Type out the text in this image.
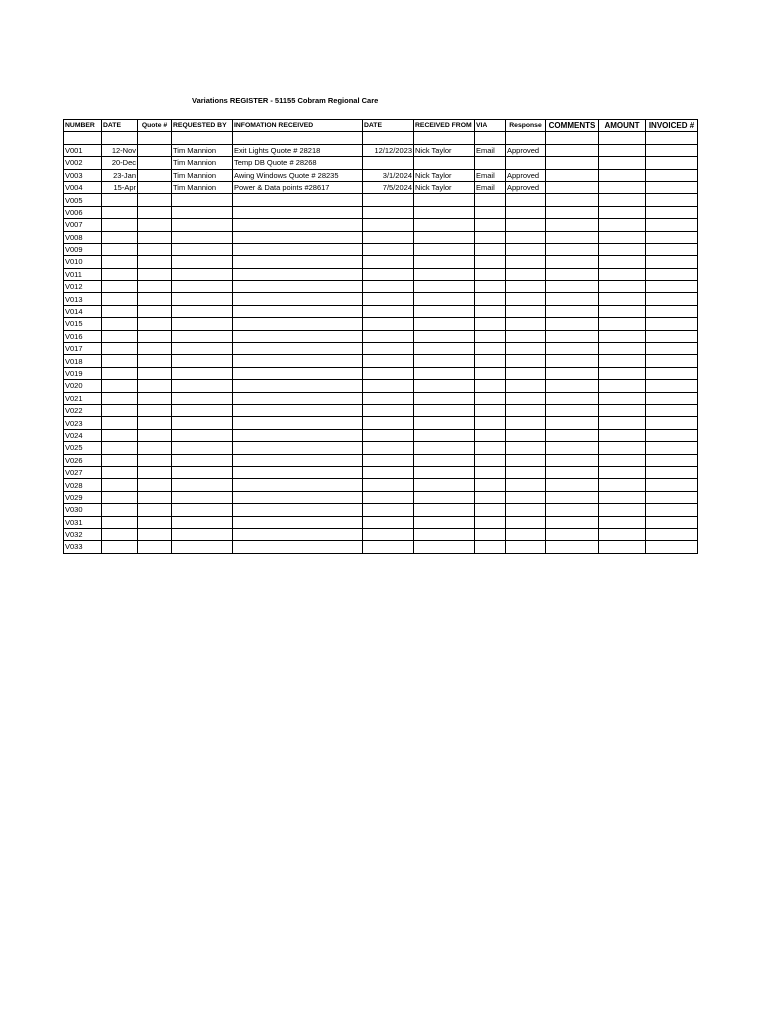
Variations REGISTER - 51155 Cobram Regional Care
NUMBER	DATE	Quote #	REQUESTED BY	INFOMATION RECEIVED	DATE	RECEIVED FROM	VIA	Response	COMMENTS	AMOUNT	INVOICED #

V001	12-Nov		Tim Mannion	Exit Lights Quote # 28218	12/12/2023	Nick Taylor	Email	Approved			
V002	20-Dec		Tim Mannion	Temp DB Quote # 28268							
V003	23-Jan		Tim Mannion	Awing Windows Quote # 28235	3/1/2024	Nick Taylor	Email	Approved			
V004	15-Apr		Tim Mannion	Power & Data points #28617	7/5/2024	Nick Taylor	Email	Approved			
V005											
V006											
V007											
V008											
V009											
V010											
V011											
V012											
V013											
V014											
V015											
V016											
V017											
V018											
V019											
V020											
V021											
V022											
V023											
V024											
V025											
V026											
V027											
V028											
V029											
V030											
V031											
V032											
V033											
